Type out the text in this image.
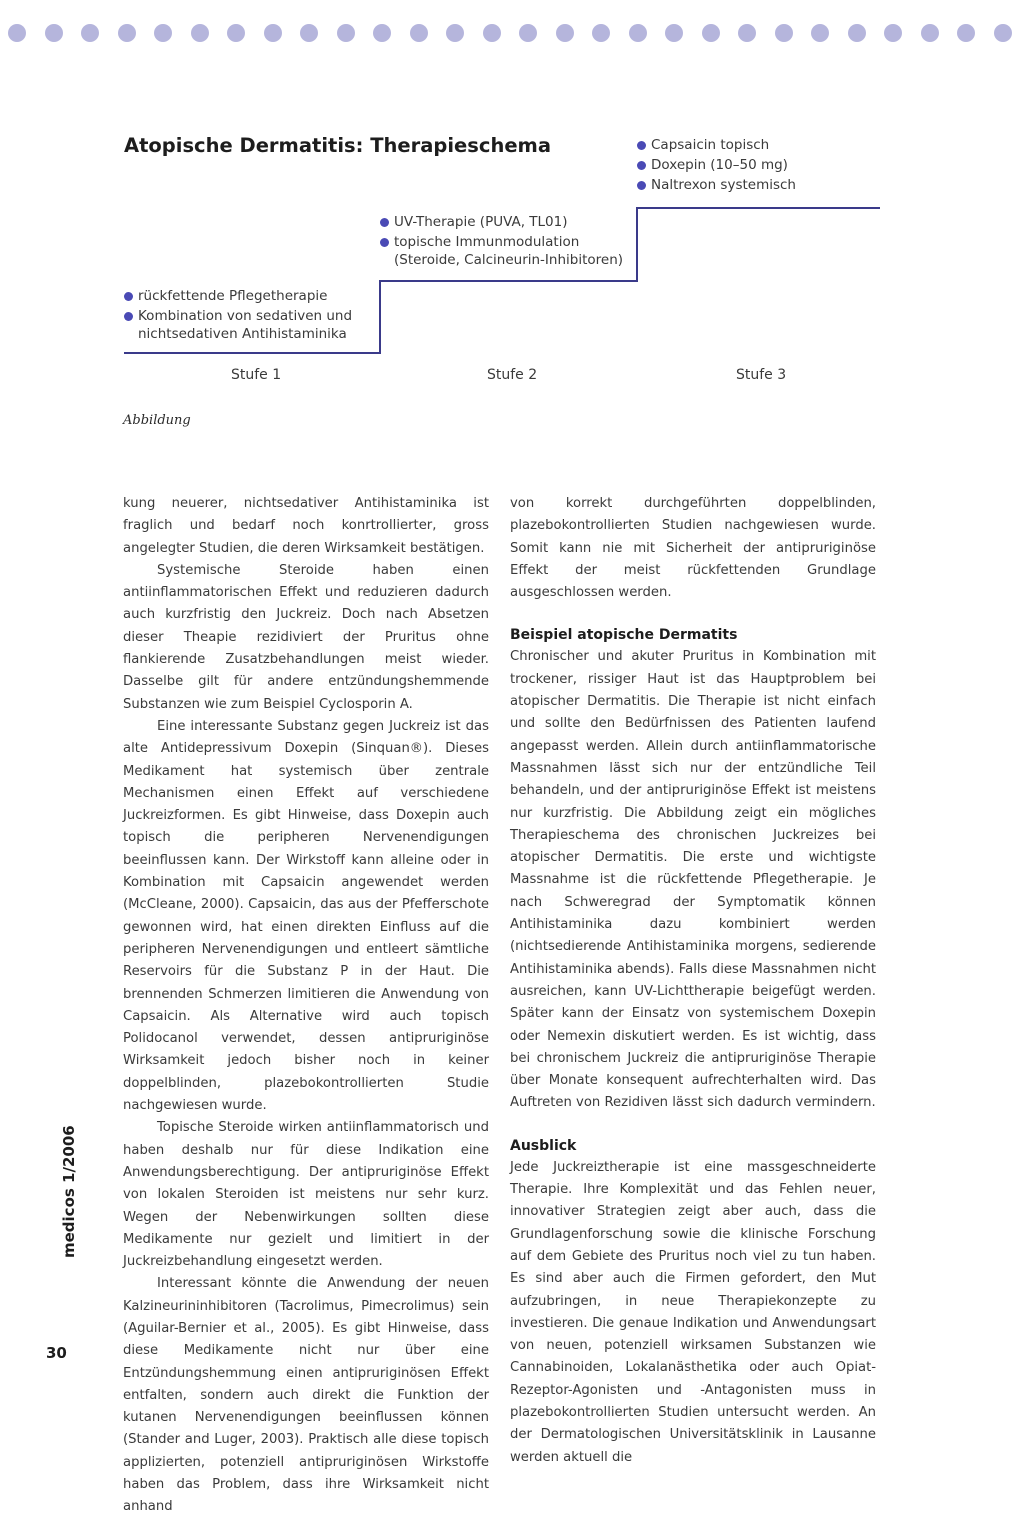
Atopische Dermatitis: Therapieschema	Capsaicin topisch
Doxepin (10–50 mg)
Naltrexon systemisch
UV-Therapie (PUVA, TL01)
topische Immunmodulation
(Steroide, Calcineurin-Inhibitoren)
rückfettende Pflegetherapie
Kombination von sedativen und
nichtsedativen Antihistaminika
Stufe 1	Stufe 2	Stufe 3
Abbildung

kung neuerer, nichtsedativer Antihistaminika ist fraglich und bedarf noch konrtrollierter, gross angelegter Studien, die deren Wirksamkeit bestätigen.

Systemische Steroide haben einen antiinflammatorischen Effekt und reduzieren dadurch auch kurzfristig den Juckreiz. Doch nach Absetzen dieser Theapie rezidiviert der Pruritus ohne flankierende Zusatzbehandlungen meist wieder. Dasselbe gilt für andere entzündungshemmende Substanzen wie zum Beispiel Cyclosporin A.

Eine interessante Substanz gegen Juckreiz ist das alte Antidepressivum Doxepin (Sinquan®). Dieses Medikament hat systemisch über zentrale Mechanismen einen Effekt auf verschiedene Juckreizformen. Es gibt Hinweise, dass Doxepin auch topisch die peripheren Nervenendigungen beeinflussen kann. Der Wirkstoff kann alleine oder in Kombination mit Capsaicin angewendet werden (McCleane, 2000). Capsaicin, das aus der Pfefferschote gewonnen wird, hat einen direkten Einfluss auf die peripheren Nervenendigungen und entleert sämtliche Reservoirs für die Substanz P in der Haut. Die brennenden Schmerzen limitieren die Anwendung von Capsaicin. Als Alternative wird auch topisch Polidocanol verwendet, dessen antipruriginöse Wirksamkeit jedoch bisher noch in keiner doppelblinden, plazebokontrollierten Studie nachgewiesen wurde.

Topische Steroide wirken antiinflammatorisch und haben deshalb nur für diese Indikation eine Anwendungsberechtigung. Der antipruriginöse Effekt von lokalen Steroiden ist meistens nur sehr kurz. Wegen der Nebenwirkungen sollten diese Medikamente nur gezielt und limitiert in der Juckreizbehandlung eingesetzt werden.

Interessant könnte die Anwendung der neuen Kalzineurininhibitoren (Tacrolimus, Pimecrolimus) sein (Aguilar-Bernier et al., 2005). Es gibt Hinweise, dass diese Medikamente nicht nur über eine Entzündungshemmung einen antipruriginösen Effekt entfalten, sondern auch direkt die Funktion der kutanen Nervenendigungen beeinflussen können (Stander and Luger, 2003). Praktisch alle diese topisch applizierten, potenziell antipruriginösen Wirkstoffe haben das Problem, dass ihre Wirksamkeit nicht anhand

von korrekt durchgeführten doppelblinden, plazebokontrollierten Studien nachgewiesen wurde. Somit kann nie mit Sicherheit der antipruriginöse Effekt der meist rückfettenden Grundlage ausgeschlossen werden.

Beispiel atopische Dermatits

Chronischer und akuter Pruritus in Kombination mit trockener, rissiger Haut ist das Hauptproblem bei atopischer Dermatitis. Die Therapie ist nicht einfach und sollte den Bedürfnissen des Patienten laufend angepasst werden. Allein durch antiinflammatorische Massnahmen lässt sich nur der entzündliche Teil behandeln, und der antipruriginöse Effekt ist meistens nur kurzfristig. Die Abbildung zeigt ein mögliches Therapieschema des chronischen Juckreizes bei atopischer Dermatitis. Die erste und wichtigste Massnahme ist die rückfettende Pflegetherapie. Je nach Schweregrad der Symptomatik können Antihistaminika dazu kombiniert werden (nichtsedierende Antihistaminika morgens, sedierende Antihistaminika abends). Falls diese Massnahmen nicht ausreichen, kann UV-Lichttherapie beigefügt werden. Später kann der Einsatz von systemischem Doxepin oder Nemexin diskutiert werden. Es ist wichtig, dass bei chronischem Juckreiz die antipruriginöse Therapie über Monate konsequent aufrechterhalten wird. Das Auftreten von Rezidiven lässt sich dadurch vermindern.

Ausblick

Jede Juckreiztherapie ist eine massgeschneiderte Therapie. Ihre Komplexität und das Fehlen neuer, innovativer Strategien zeigt aber auch, dass die Grundlagenforschung sowie die klinische Forschung auf dem Gebiete des Pruritus noch viel zu tun haben. Es sind aber auch die Firmen gefordert, den Mut aufzubringen, in neue Therapiekonzepte zu investieren. Die genaue Indikation und Anwendungsart von neuen, potenziell wirksamen Substanzen wie Cannabinoiden, Lokalanästhetika oder auch Opiat-Rezeptor-Agonisten und -Antagonisten muss in plazebokontrollierten Studien untersucht werden. An der Dermatologischen Universitätsklinik in Lausanne werden aktuell die

medicos 1/2006
30
